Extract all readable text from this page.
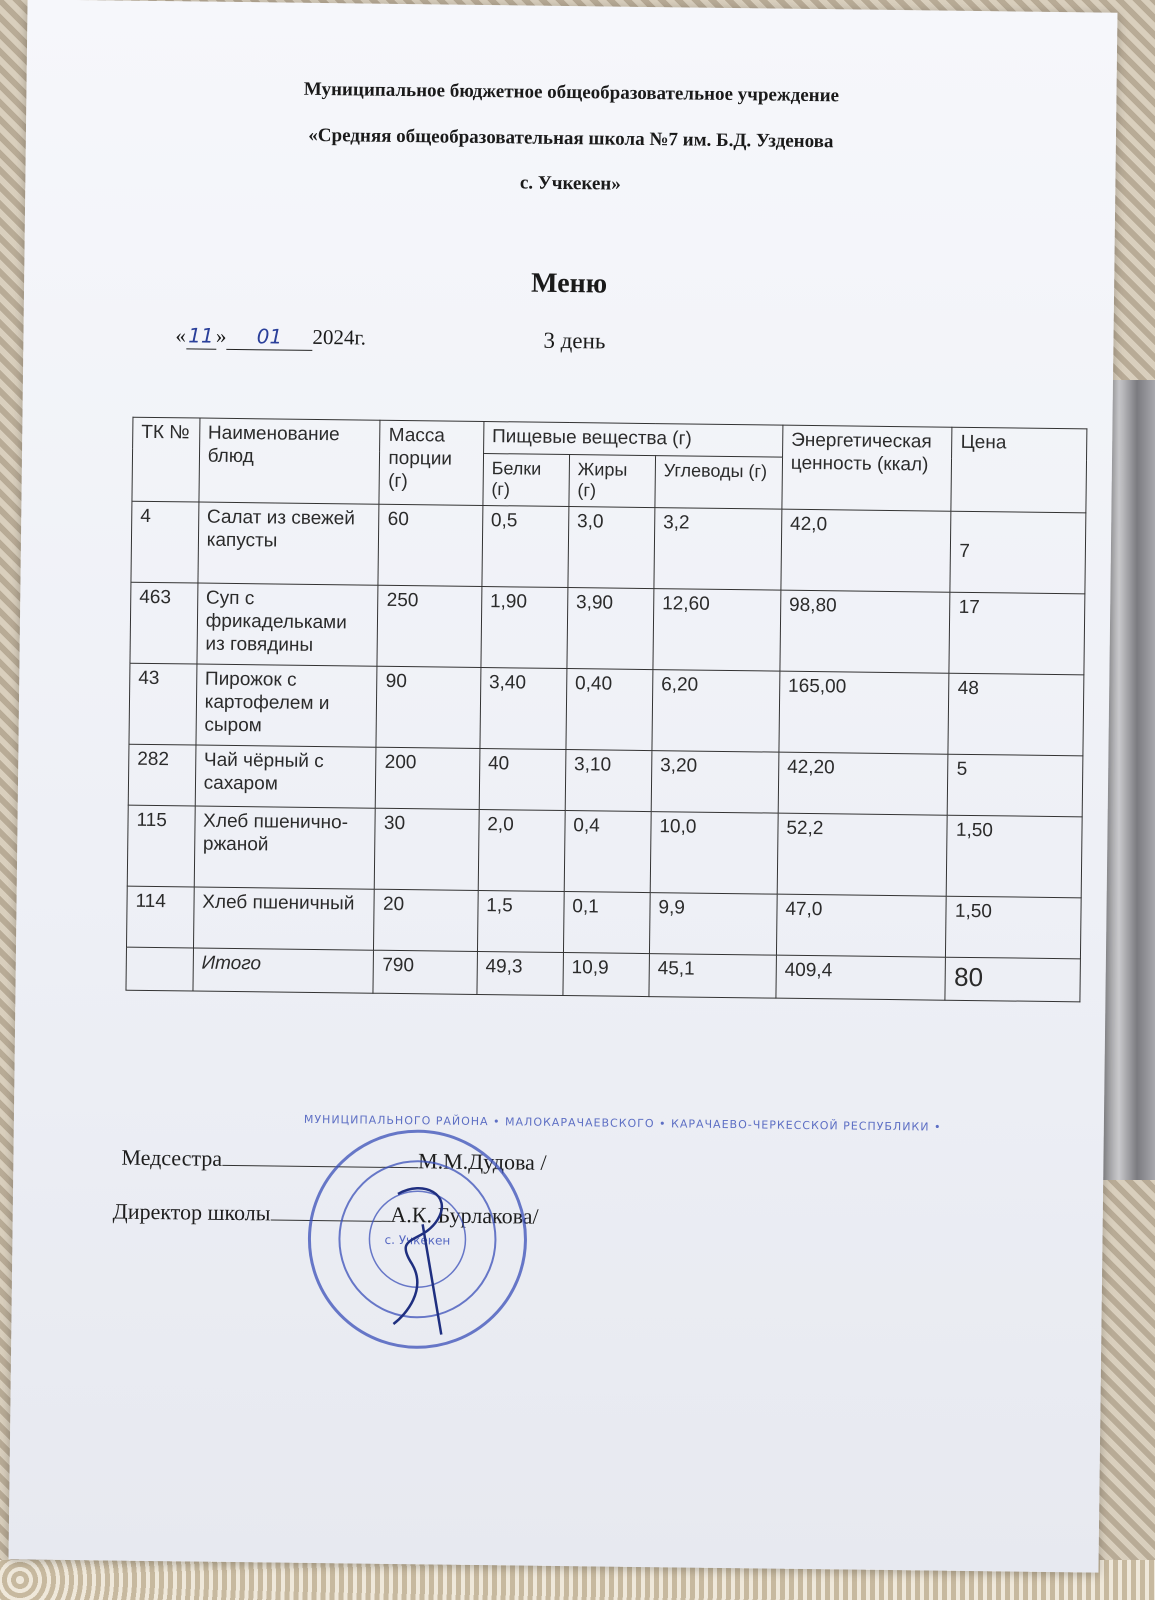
Муниципальное бюджетное общеобразовательное учреждение
«Средняя общеобразовательная школа №7 им. Б.Д. Узденова
с. Учкекен»
Меню
«11» 01 2024г.	3 день
ТК №	Наименование блюд	Масса порции (г)	Пищевые вещества (г)			Энергетическая ценность (ккал)	Цена
			Белки (г)	Жиры (г)	Углеводы (г)		
4	Салат из свежей капусты	60	0,5	3,0	3,2	42,0	7
463	Суп с фрикадельками из говядины	250	1,90	3,90	12,60	98,80	17
43	Пирожок с картофелем и сыром	90	3,40	0,40	6,20	165,00	48
282	Чай чёрный с сахаром	200	40	3,10	3,20	42,20	5
115	Хлеб пшенично-ржаной	30	2,0	0,4	10,0	52,2	1,50
114	Хлеб пшеничный	20	1,5	0,1	9,9	47,0	1,50
	Итого	790	49,3	10,9	45,1	409,4	80
Медсестра	М.М.Дудова /
Директор школы	А.К. Бурлакова/
МУНИЦИПАЛЬНОГО РАЙОНА • МАЛОКАРАЧАЕВСКОГО • КАРАЧАЕВО-ЧЕРКЕССКОЙ РЕСПУБЛИКИ •
с. Учкекен
